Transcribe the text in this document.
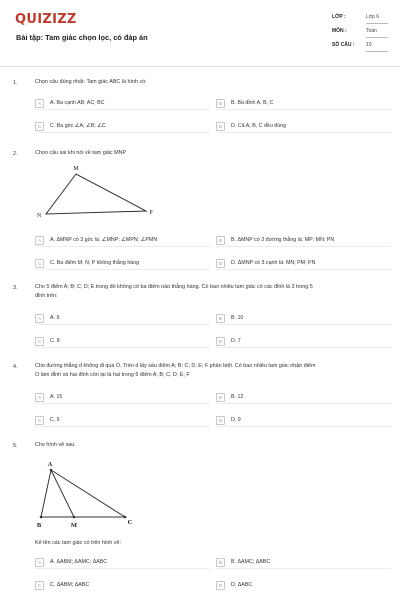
QUIZIZZ
Bài tập: Tam giác chọn lọc, có đáp án
LỚP :	Lớp 6
MÔN :	Toán
SỐ CÂU : 10
1.	Chọn câu đúng nhất: Tam giác ABC là hình có:
A	A. Ba cạnh AB; AC; BC	B	B. Ba đỉnh A, B, C
C	C. Ba góc ∠A; ∠B; ∠C	D	D. Cả A, B, C đều đúng
2.	Chọn câu sai khi nói về tam giác MNP
M
N	P
A	A. ΔMNP có 3 góc là: ∠MNP; ∠MPN; ∠PMN	B	B. ΔMNP có 3 đường thẳng là: MP; MN; PN
C	C. Ba điểm M; N; P không thẳng hàng	D	D. ΔMNP có 3 cạnh là: MN; PM; PN
3.	Cho 5 điểm A; B; C; D; E trong đó không có ba điểm nào thẳng hàng. Có bao nhiêu tam giác có các đỉnh là 3 trong 5
đỉnh trên:
A	A. 9	B	B. 10
C	C. 8	D	D. 7
4.	Cho đường thẳng d không đi qua O. Trên d lấy sáu điểm A; B; C; D; E; F phân biệt. Có bao nhiêu tam giác nhận điểm
O làm đỉnh và hai đỉnh còn lại là hai trong 6 điểm A; B; C; D; E; F
A	A. 15	B	B. 12
C	C. 6	D	D. 9
5.	Cho hình vẽ sau:
A
B	M	C
Kể tên các tam giác có trên hình vẽ:
A	A. ΔABM; ΔAMC; ΔABC	B	B. ΔAMC; ΔABC
C	C. ΔABM; ΔABC	D	D. ΔABC
